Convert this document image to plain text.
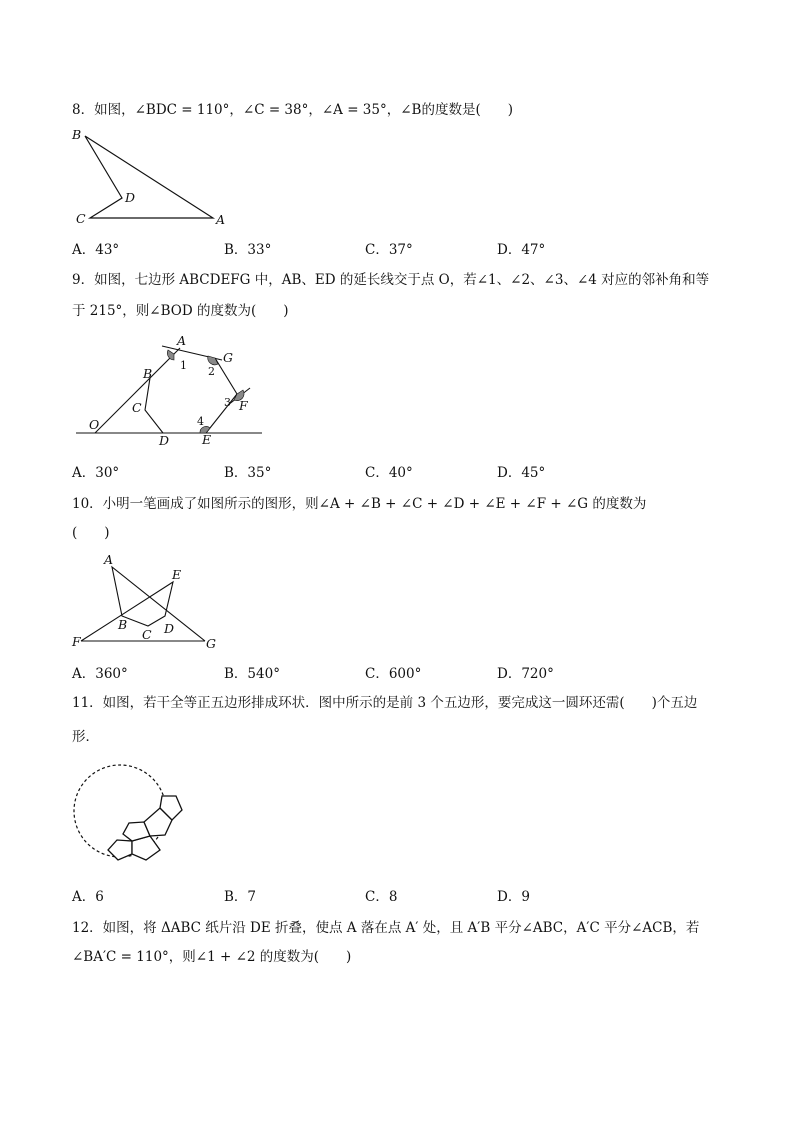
8．如图，∠BDC = 110°，∠C = 38°，∠A = 35°，∠B的度数是(　　)
B
D
C	A
A．43°	B．33°	C．37°	D．47°
9．如图，七边形 ABCDEFG 中，AB、ED 的延长线交于点 O，若∠1、∠2、∠3、∠4 对应的邻补角和等
于 215°，则∠BOD 的度数为(　　)
A
G
B
1 2
3 F
C
O
D
4
E
A．30°	B．35°	C．40°	D．45°
10．小明一笔画成了如图所示的图形，则∠A + ∠B + ∠C + ∠D + ∠E + ∠F + ∠G 的度数为
(　　)
A
E
B
C D
F	G
A．360°	B．540°	C．600°	D．720°
11．如图，若干全等正五边形排成环状．图中所示的是前 3 个五边形，要完成这一圆环还需(　　)个五边
形．
A．6	B．7	C．8	D．9
12．如图，将 ΔABC 纸片沿 DE 折叠，使点 A 落在点 A′ 处，且 A′B 平分∠ABC，A′C 平分∠ACB，若
∠BA′C = 110°，则∠1 + ∠2 的度数为(　　)
